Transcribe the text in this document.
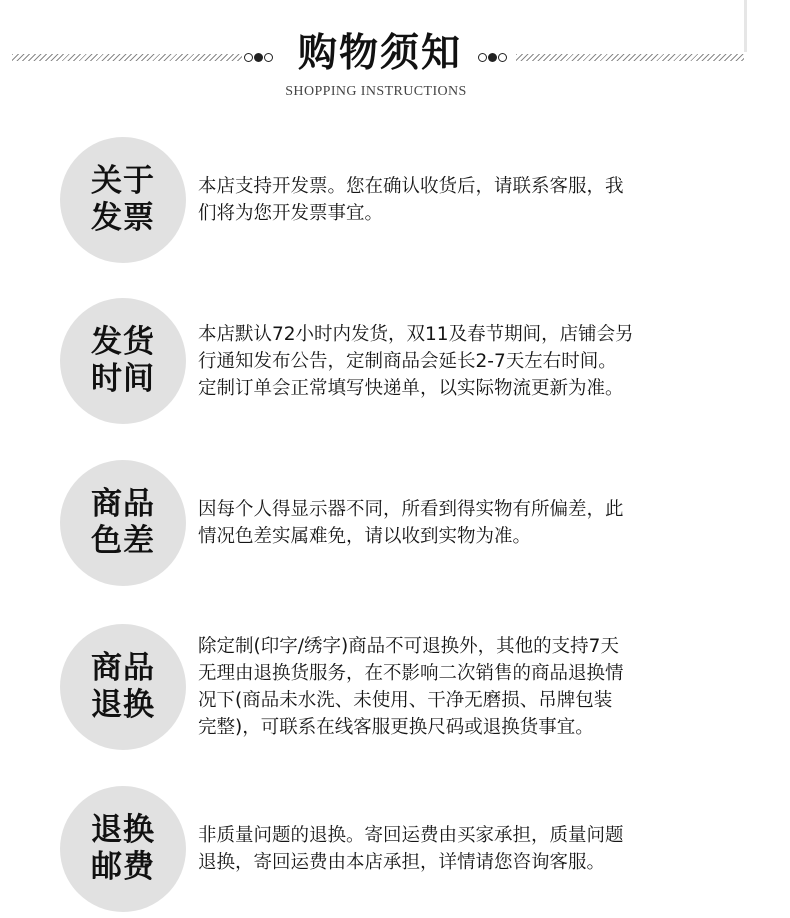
购物须知
SHOPPING INSTRUCTIONS
关于
发票
本店支持开发票。您在确认收货后，请联系客服，我
们将为您开发票事宜。
发货
时间
本店默认72小时内发货，双11及春节期间，店铺会另
行通知发布公告，定制商品会延长2-7天左右时间。
定制订单会正常填写快递单，以实际物流更新为准。
商品
色差
因每个人得显示器不同，所看到得实物有所偏差，此
情况色差实属难免，请以收到实物为准。
商品
退换
除定制(印字/绣字)商品不可退换外，其他的支持7天
无理由退换货服务，在不影响二次销售的商品退换情
况下(商品未水洗、未使用、干净无磨损、吊牌包装
完整)，可联系在线客服更换尺码或退换货事宜。
退换
邮费
非质量问题的退换。寄回运费由买家承担，质量问题
退换，寄回运费由本店承担，详情请您咨询客服。
